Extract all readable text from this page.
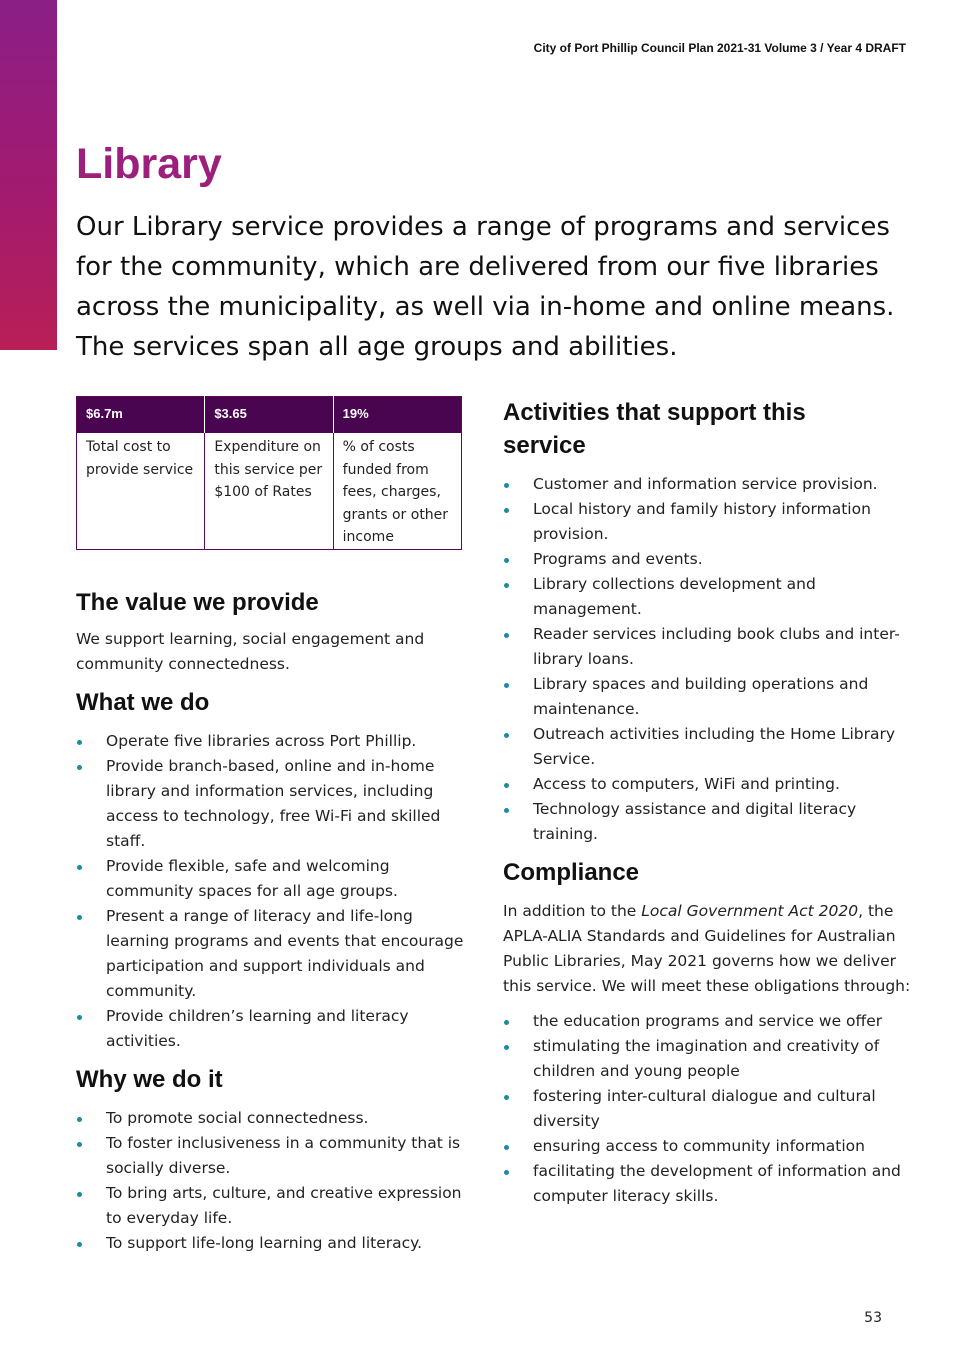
City of Port Phillip Council Plan 2021-31 Volume 3 / Year 4 DRAFT
Library

Our Library service provides a range of programs and services for the community, which are delivered from our five libraries across the municipality, as well via in-home and online means. The services span all age groups and abilities.

$6.7m	$3.65	19%
Total cost to provide service	Expenditure on this service per $100 of Rates	% of costs funded from fees, charges, grants or other income
The value we provide

We support learning, social engagement and community connectedness.

What we do
Operate five libraries across Port Phillip.
Provide branch-based, online and in-home library and information services, including access to technology, free Wi-Fi and skilled staff.
Provide flexible, safe and welcoming community spaces for all age groups.
Present a range of literacy and life-long learning programs and events that encourage participation and support individuals and community.
Provide children’s learning and literacy activities.
Why we do it
To promote social connectedness.
To foster inclusiveness in a community that is socially diverse.
To bring arts, culture, and creative expression to everyday life.
To support life-long learning and literacy.
Activities that support this service
Customer and information service provision.
Local history and family history information provision.
Programs and events.
Library collections development and management.
Reader services including book clubs and inter-library loans.
Library spaces and building operations and maintenance.
Outreach activities including the Home Library Service.
Access to computers, WiFi and printing.
Technology assistance and digital literacy training.
Compliance

In addition to the Local Government Act 2020, the APLA-ALIA Standards and Guidelines for Australian Public Libraries, May 2021 governs how we deliver this service. We will meet these obligations through:

the education programs and service we offer
stimulating the imagination and creativity of children and young people
fostering inter-cultural dialogue and cultural diversity
ensuring access to community information
facilitating the development of information and computer literacy skills.
53
